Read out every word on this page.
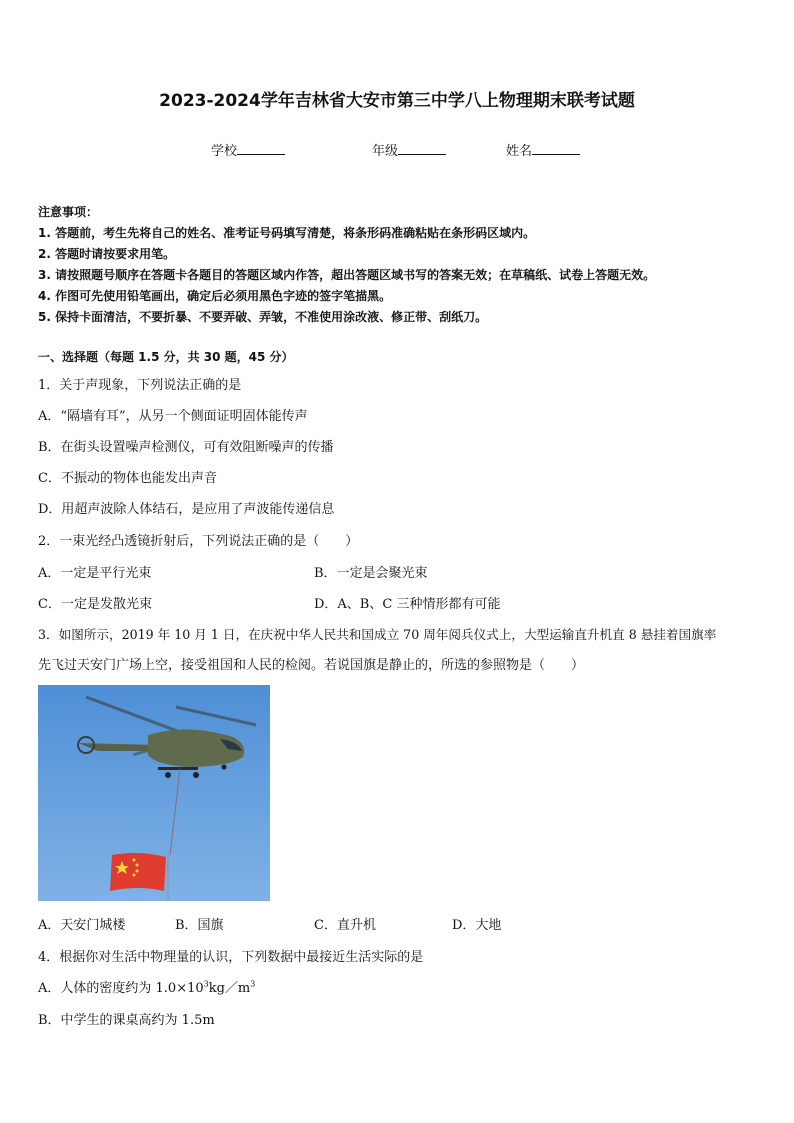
2023-2024学年吉林省大安市第三中学八上物理期末联考试题
学校	年级	姓名
注意事项：
1. 答题前，考生先将自己的姓名、准考证号码填写清楚，将条形码准确粘贴在条形码区域内。
2. 答题时请按要求用笔。
3. 请按照题号顺序在答题卡各题目的答题区域内作答，超出答题区域书写的答案无效；在草稿纸、试卷上答题无效。
4. 作图可先使用铅笔画出，确定后必须用黑色字迹的签字笔描黑。
5. 保持卡面清洁，不要折暴、不要弄破、弄皱，不准使用涂改液、修正带、刮纸刀。
一、选择题（每题 1.5 分，共 30 题，45 分）
1．关于声现象，下列说法正确的是
A．“隔墙有耳”，从另一个侧面证明固体能传声
B．在街头设置噪声检测仪，可有效阻断噪声的传播
C．不振动的物体也能发出声音
D．用超声波除人体结石，是应用了声波能传递信息
2．一束光经凸透镜折射后，下列说法正确的是（　　）
A．一定是平行光束	B．一定是会聚光束
C．一定是发散光束	D．A、B、C 三种情形都有可能
3．如图所示，2019 年 10 月 1 日，在庆祝中华人民共和国成立 70 周年阅兵仪式上，大型运输直升机直 8 悬挂着国旗率
先飞过天安门广场上空，接受祖国和人民的检阅。若说国旗是静止的，所选的参照物是（　　）
A．天安门城楼	B．国旗	C．直升机	D．大地
4．根据你对生活中物理量的认识，下列数据中最接近生活实际的是
A．人体的密度约为 $1.0\times 10^3kg/m^3$
B．中学生的课桌高约为 1.5m
